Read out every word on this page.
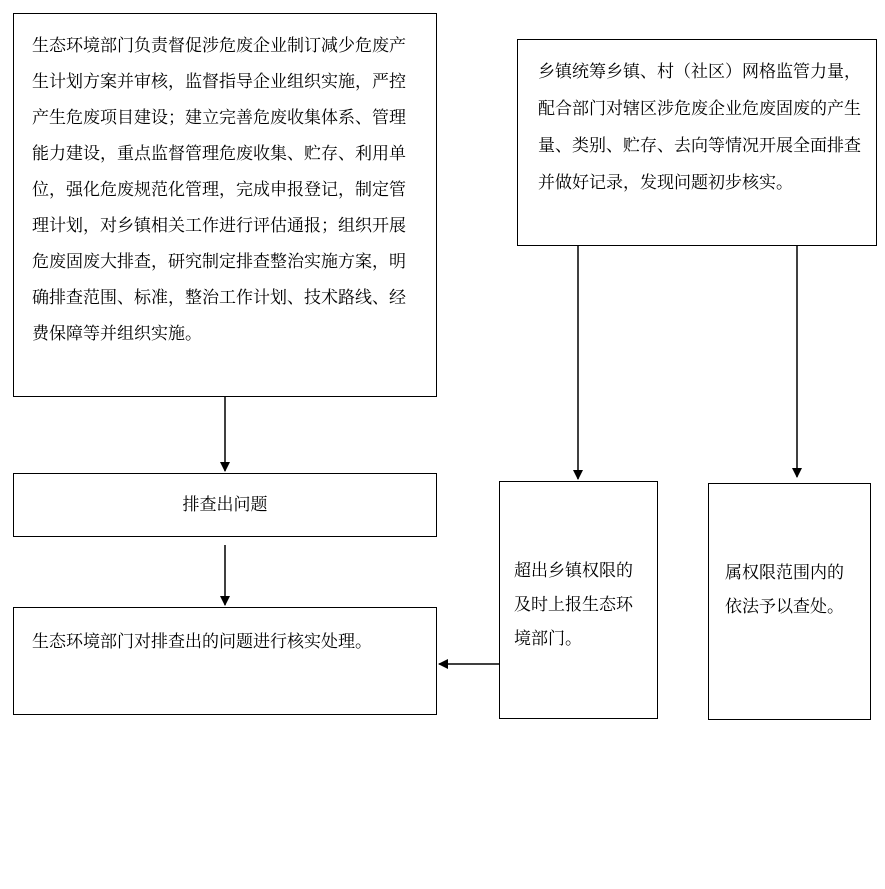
生态环境部门负责督促涉危废企业制订减少危废产生计划方案并审核，监督指导企业组织实施，严控产生危废项目建设；建立完善危废收集体系、管理能力建设，重点监督管理危废收集、贮存、利用单位，强化危废规范化管理，完成申报登记，制定管理计划，对乡镇相关工作进行评估通报；组织开展危废固废大排查，研究制定排查整治实施方案，明确排查范围、标准，整治工作计划、技术路线、经费保障等并组织实施。
乡镇统筹乡镇、村（社区）网格监管力量，配合部门对辖区涉危废企业危废固废的产生量、类别、贮存、去向等情况开展全面排查并做好记录，发现问题初步核实。
排查出问题
生态环境部门对排查出的问题进行核实处理。
超出乡镇权限的及时上报生态环境部门。
属权限范围内的依法予以查处。
